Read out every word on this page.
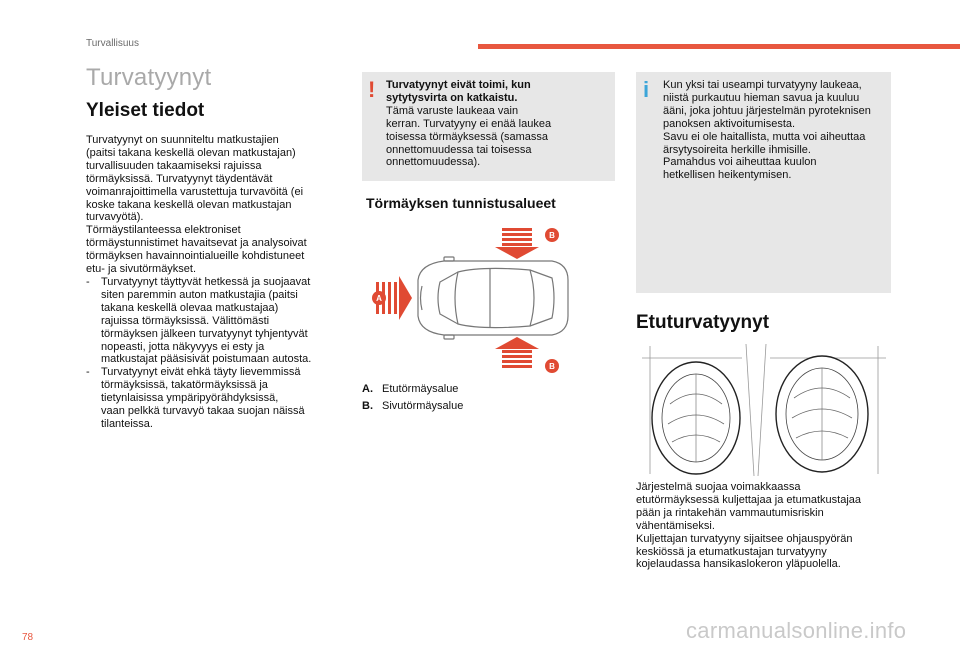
Turvallisuus
Turvatyynyt
Yleiset tiedot
Turvatyynyt on suunniteltu matkustajien
(paitsi takana keskellä olevan matkustajan)
turvallisuuden takaamiseksi rajuissa
törmäyksissä. Turvatyynyt täydentävät
voimanrajoittimella varustettuja turvavöitä (ei
koske takana keskellä olevan matkustajan
turvavyötä).
Törmäystilanteessa elektroniset
törmäystunnistimet havaitsevat ja analysoivat
törmäyksen havainnointialueille kohdistuneet
etu- ja sivutörmäykset.
-	Turvatyynyt täyttyvät hetkessä ja suojaavat
siten paremmin auton matkustajia (paitsi
takana keskellä olevaa matkustajaa)
rajuissa törmäyksissä. Välittömästi
törmäyksen jälkeen turvatyynyt tyhjentyvät
nopeasti, jotta näkyvyys ei esty ja
matkustajat pääsisivät poistumaan autosta.
-	Turvatyynyt eivät ehkä täyty lievemmissä
törmäyksissä, takatörmäyksissä ja
tietynlaisissa ympäripyörähdyksissä,
vaan pelkkä turvavyö takaa suojan näissä
tilanteissa.
! Turvatyynyt eivät toimi, kun
sytytysvirta on katkaistu.
Tämä varuste laukeaa vain
kerran. Turvatyyny ei enää laukea
toisessa törmäyksessä (samassa
onnettomuudessa tai toisessa
onnettomuudessa).
Törmäyksen tunnistusalueet
B
B
A
A. Etutörmäysalue
B. Sivutörmäysalue
i Kun yksi tai useampi turvatyyny laukeaa,
niistä purkautuu hieman savua ja kuuluu
ääni, joka johtuu järjestelmän pyroteknisen
panoksen aktivoitumisesta.
Savu ei ole haitallista, mutta voi aiheuttaa
ärsytysoireita herkille ihmisille.
Pamahdus voi aiheuttaa kuulon
hetkellisen heikentymisen.
Etuturvatyynyt
Järjestelmä suojaa voimakkaassa
etutörmäyksessä kuljettajaa ja etumatkustajaa
pään ja rintakehän vammautumisriskin
vähentämiseksi.
Kuljettajan turvatyyny sijaitsee ohjauspyörän
keskiössä ja etumatkustajan turvatyyny
kojelaudassa hansikaslokeron yläpuolella.
78	carmanualsonline.info
